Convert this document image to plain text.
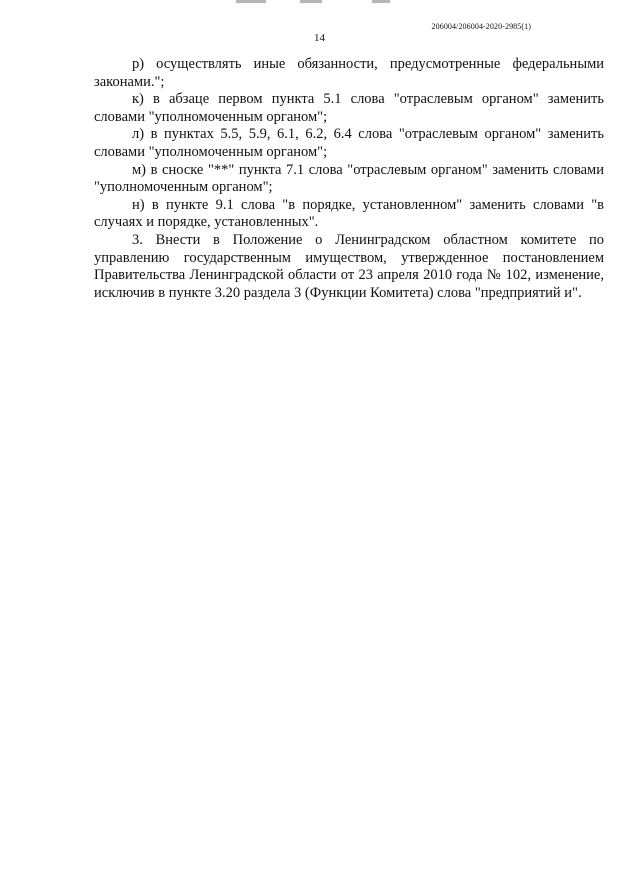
206004/206004-2020-2985(1)
14

р) осуществлять иные обязанности, предусмотренные федеральными законами.";

к) в абзаце первом пункта 5.1 слова "отраслевым органом" заменить словами "уполномоченным органом";

л) в пунктах 5.5, 5.9, 6.1, 6.2, 6.4 слова "отраслевым органом" заменить словами "уполномоченным органом";

м) в сноске "**" пункта 7.1 слова "отраслевым органом" заменить словами "уполномоченным органом";

н) в пункте 9.1 слова "в порядке, установленном" заменить словами "в случаях и порядке, установленных".

3. Внести в Положение о Ленинградском областном комитете по управлению государственным имуществом, утвержденное постановлением Правительства Ленинградской области от 23 апреля 2010 года № 102, изменение, исключив в пункте 3.20 раздела 3 (Функции Комитета) слова "предприятий и".
